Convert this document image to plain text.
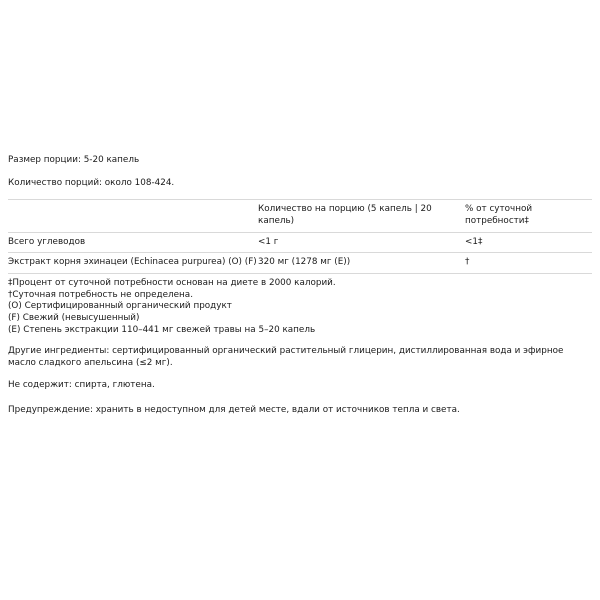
Размер порции: 5-20 капель

Количество порций: около 108-424.

	Количество на порцию (5 капель | 20 капель)	% от суточной потребности‡
Всего углеводов	<1 г	<1‡
Экстракт корня эхинацеи (Echinacea purpurea) (O) (F)	320 мг (1278 мг (E))	†

‡Процент от суточной потребности основан на диете в 2000 калорий.

†Суточная потребность не определена.

(O) Сертифицированный органический продукт

(F) Свежий (невысушенный)

(E) Степень экстракции 110–441 мг свежей травы на 5–20 капель

Другие ингредиенты: сертифицированный органический растительный глицерин, дистиллированная вода и эфирное масло сладкого апельсина (≤2 мг).

Не содержит: спирта, глютена.

Предупреждение: хранить в недоступном для детей месте, вдали от источников тепла и света.
